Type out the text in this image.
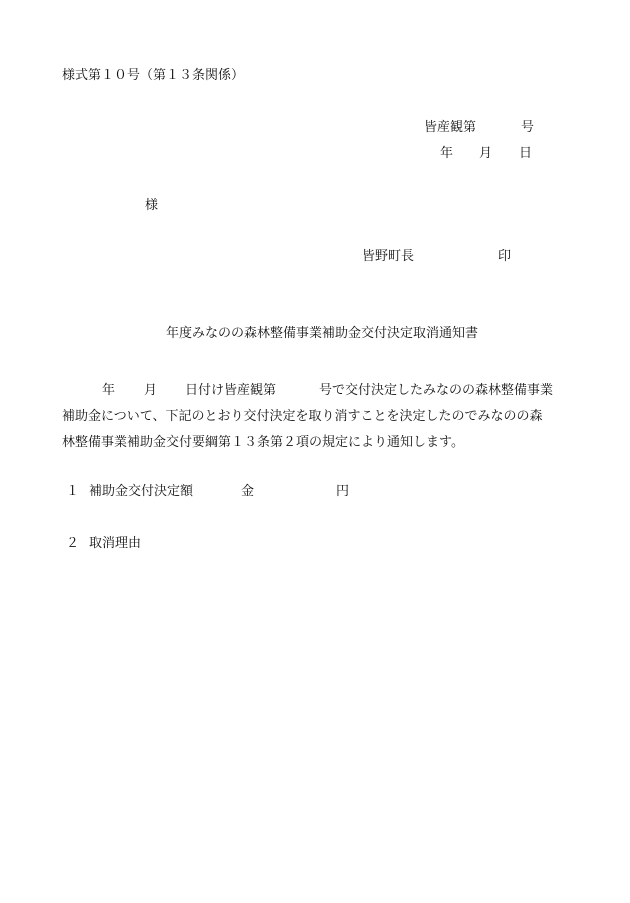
様式第１０号（第１３条関係）
皆産観第	号
年 月 日
様
皆野町長	印
年度みなのの森林整備事業補助金交付決定取消通知書
年 月 日付け皆産観第	号で交付決定したみなのの森林整備事業
補助金について、下記のとおり交付決定を取り消すことを決定したのでみなのの森
林整備事業補助金交付要綱第１３条第２項の規定により通知します。
１ 補助金交付決定額	金	円
２ 取消理由
